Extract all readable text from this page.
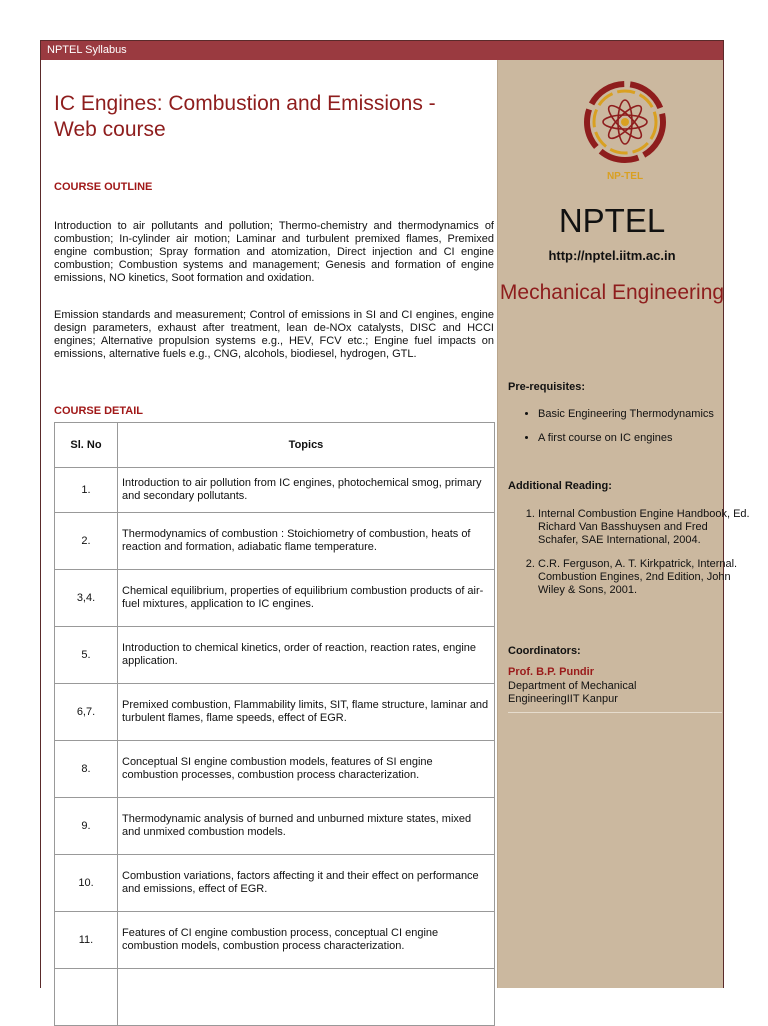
NPTEL Syllabus
IC Engines: Combustion and Emissions - Web course
COURSE OUTLINE

Introduction to air pollutants and pollution; Thermo-chemistry and thermodynamics of combustion; In-cylinder air motion; Laminar and turbulent premixed flames, Premixed engine combustion; Spray formation and atomization, Direct injection and CI engine combustion; Combustion systems and management; Genesis and formation of engine emissions, NO kinetics, Soot formation and oxidation.

Emission standards and measurement; Control of emissions in SI and CI engines, engine design parameters, exhaust after treatment, lean de-NOx catalysts, DISC and HCCI engines; Alternative propulsion systems e.g., HEV, FCV etc.; Engine fuel impacts on emissions, alternative fuels e.g., CNG, alcohols, biodiesel, hydrogen, GTL.

COURSE DETAIL
Sl. No	Topics
1.	Introduction to air pollution from IC engines, photochemical smog, primary and secondary pollutants.
2.	Thermodynamics of combustion : Stoichiometry of combustion, heats of reaction and formation, adiabatic flame temperature.
3,4.	Chemical equilibrium, properties of equilibrium combustion products of air-fuel mixtures, application to IC engines.
5.	Introduction to chemical kinetics, order of reaction, reaction rates, engine application.
6,7.	Premixed combustion, Flammability limits, SIT, flame structure, laminar and turbulent flames, flame speeds, effect of EGR.
8.	Conceptual SI engine combustion models, features of SI engine combustion processes, combustion process characterization.
9.	Thermodynamic analysis of burned and unburned mixture states, mixed and unmixed combustion models.
10.	Combustion variations, factors affecting it and their effect on performance and emissions, effect of EGR.
11.	Features of CI engine combustion process, conceptual CI engine combustion models, combustion process characterization.

NP-TEL

NPTEL

http://nptel.iitm.ac.in

Mechanical Engineering

Pre-requisites:
• Basic Engineering Thermodynamics
• A first course on IC engines
Additional Reading:
1. Internal Combustion Engine Handbook, Ed. Richard Van Basshuysen and Fred Schafer, SAE International, 2004.
2. C.R. Ferguson, A. T. Kirkpatrick, Internal. Combustion Engines, 2nd Edition, John Wiley & Sons, 2001.
Coordinators:
Prof. B.P. Pundir
Department of Mechanical EngineeringIIT Kanpur
